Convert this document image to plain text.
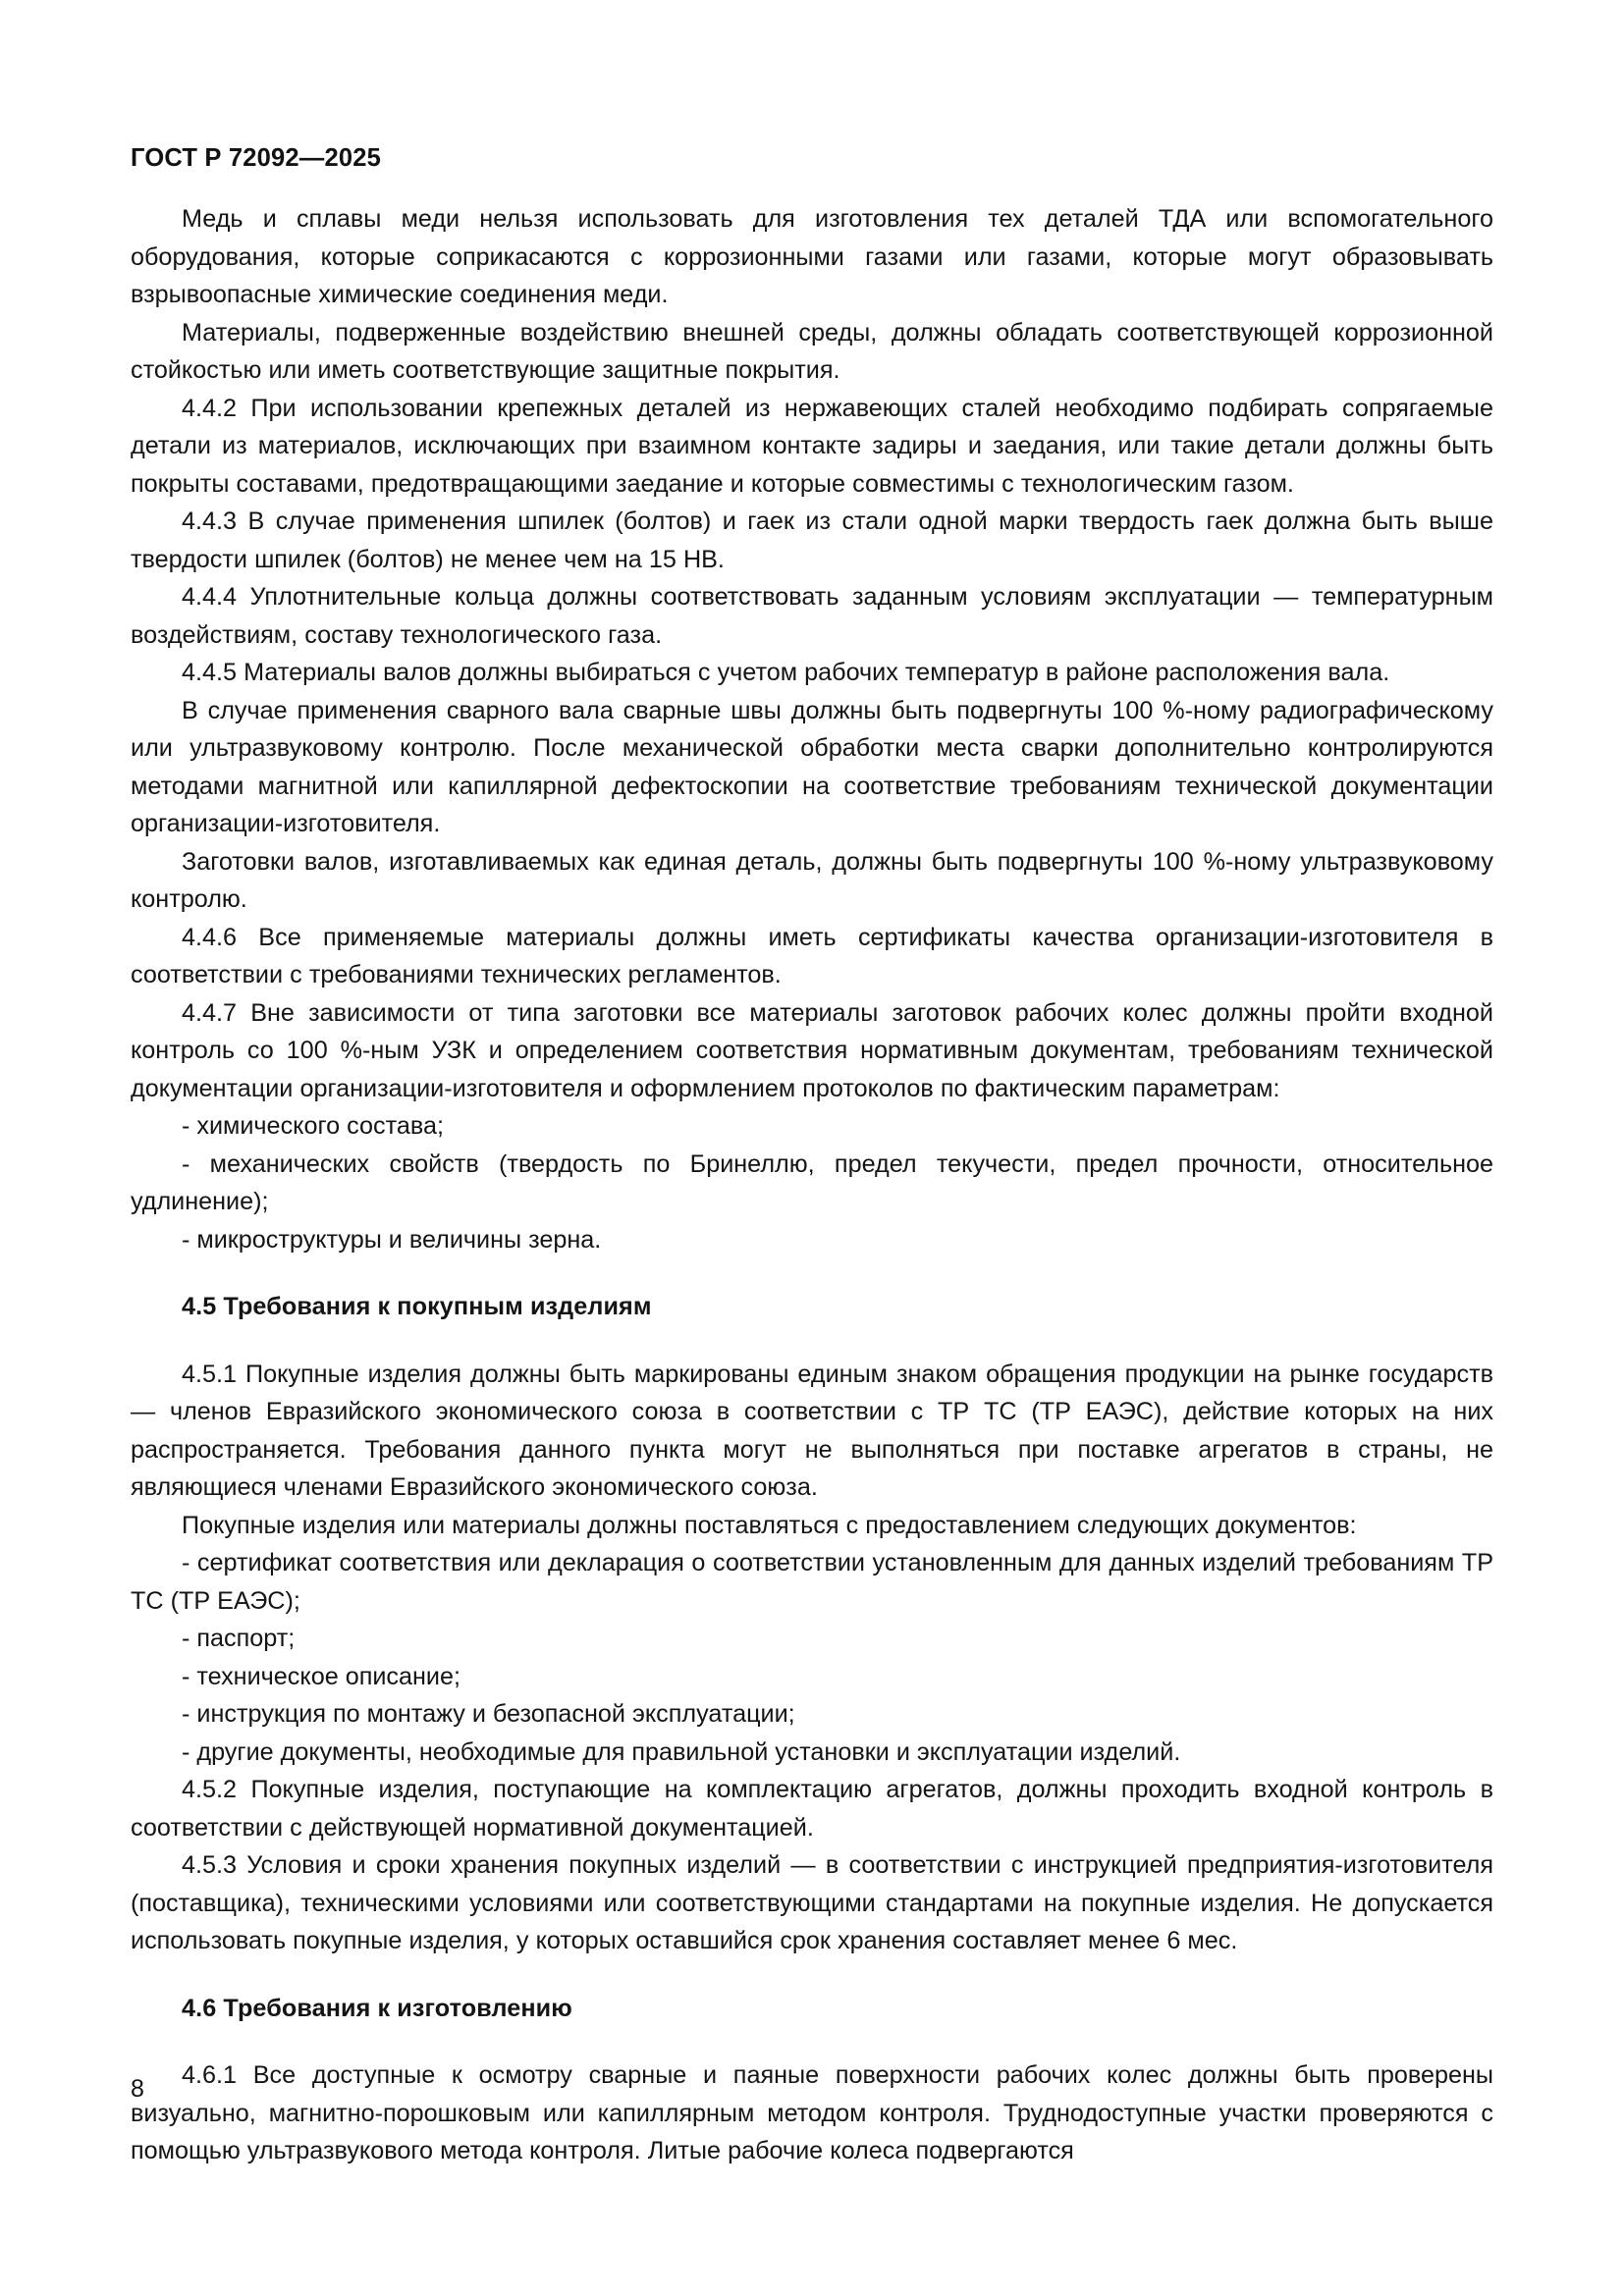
ГОСТ Р 72092—2025

Медь и сплавы меди нельзя использовать для изготовления тех деталей ТДА или вспомогательного оборудования, которые соприкасаются с коррозионными газами или газами, которые могут образовывать взрывоопасные химические соединения меди.

Материалы, подверженные воздействию внешней среды, должны обладать соответствующей коррозионной стойкостью или иметь соответствующие защитные покрытия.

4.4.2 При использовании крепежных деталей из нержавеющих сталей необходимо подбирать сопрягаемые детали из материалов, исключающих при взаимном контакте задиры и заедания, или такие детали должны быть покрыты составами, предотвращающими заедание и которые совместимы с технологическим газом.

4.4.3 В случае применения шпилек (болтов) и гаек из стали одной марки твердость гаек должна быть выше твердости шпилек (болтов) не менее чем на 15 НВ.

4.4.4 Уплотнительные кольца должны соответствовать заданным условиям эксплуатации — температурным воздействиям, составу технологического газа.

4.4.5 Материалы валов должны выбираться с учетом рабочих температур в районе расположения вала.

В случае применения сварного вала сварные швы должны быть подвергнуты 100 %-ному радиографическому или ультразвуковому контролю. После механической обработки места сварки дополнительно контролируются методами магнитной или капиллярной дефектоскопии на соответствие требованиям технической документации организации-изготовителя.

Заготовки валов, изготавливаемых как единая деталь, должны быть подвергнуты 100 %-ному ультразвуковому контролю.

4.4.6 Все применяемые материалы должны иметь сертификаты качества организации-изготовителя в соответствии с требованиями технических регламентов.

4.4.7 Вне зависимости от типа заготовки все материалы заготовок рабочих колес должны пройти входной контроль со 100 %-ным УЗК и определением соответствия нормативным документам, требованиям технической документации организации-изготовителя и оформлением протоколов по фактическим параметрам:

- химического состава;

- механических свойств (твердость по Бринеллю, предел текучести, предел прочности, относительное удлинение);

- микроструктуры и величины зерна.

4.5 Требования к покупным изделиям

4.5.1 Покупные изделия должны быть маркированы единым знаком обращения продукции на рынке государств — членов Евразийского экономического союза в соответствии с ТР ТС (ТР ЕАЭС), действие которых на них распространяется. Требования данного пункта могут не выполняться при поставке агрегатов в страны, не являющиеся членами Евразийского экономического союза.

Покупные изделия или материалы должны поставляться с предоставлением следующих документов:

- сертификат соответствия или декларация о соответствии установленным для данных изделий требованиям ТР ТС (ТР ЕАЭС);

- паспорт;

- техническое описание;

- инструкция по монтажу и безопасной эксплуатации;

- другие документы, необходимые для правильной установки и эксплуатации изделий.

4.5.2 Покупные изделия, поступающие на комплектацию агрегатов, должны проходить входной контроль в соответствии с действующей нормативной документацией.

4.5.3 Условия и сроки хранения покупных изделий — в соответствии с инструкцией предприятия-изготовителя (поставщика), техническими условиями или соответствующими стандартами на покупные изделия. Не допускается использовать покупные изделия, у которых оставшийся срок хранения составляет менее 6 мес.

4.6 Требования к изготовлению

4.6.1 Все доступные к осмотру сварные и паяные поверхности рабочих колес должны быть проверены визуально, магнитно-порошковым или капиллярным методом контроля. Труднодоступные участки проверяются с помощью ультразвукового метода контроля. Литые рабочие колеса подвергаются

8
